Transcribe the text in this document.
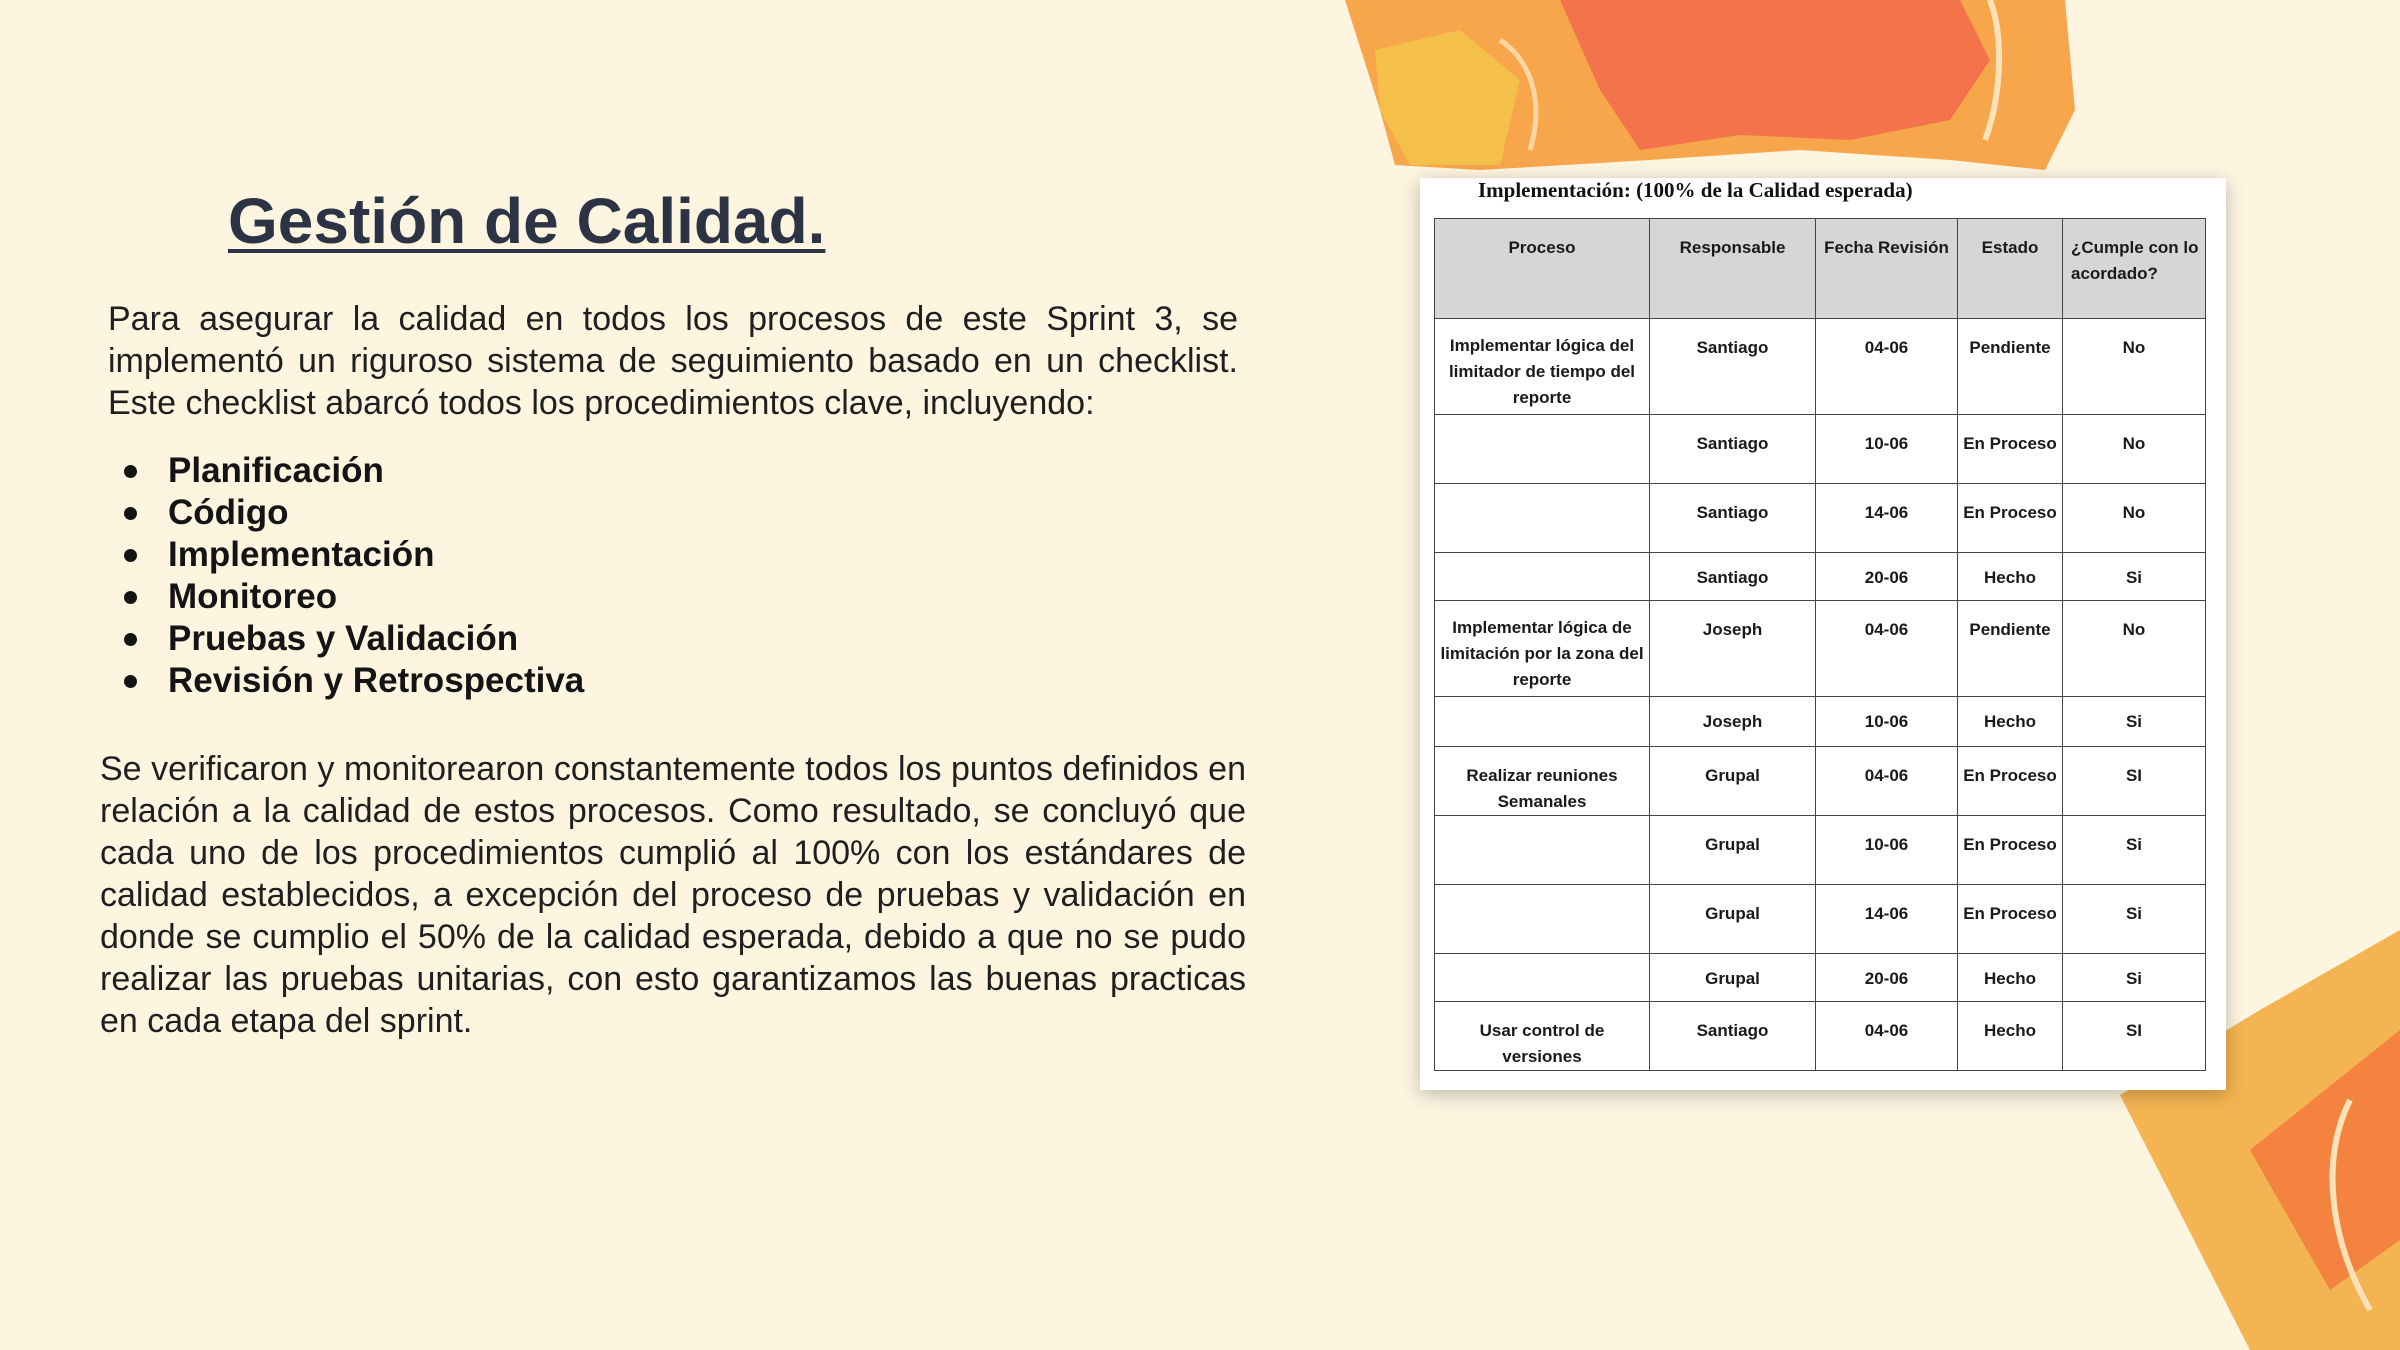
Gestión de Calidad.

Para asegurar la calidad en todos los procesos de este Sprint 3, se implementó un riguroso sistema de seguimiento basado en un checklist. Este checklist abarcó todos los procedimientos clave, incluyendo:

Planificación
Código
Implementación
Monitoreo
Pruebas y Validación
Revisión y Retrospectiva

Se verificaron y monitorearon constantemente todos los puntos definidos en relación a la calidad de estos procesos. Como resultado, se concluyó que cada uno de los procedimientos cumplió al 100% con los estándares de calidad establecidos, a excepción del proceso de pruebas y validación en donde se cumplio el 50% de la calidad esperada, debido a que no se pudo realizar las pruebas unitarias, con esto garantizamos las buenas practicas en cada etapa del sprint.

Implementación: (100% de la Calidad esperada)

Proceso	Responsable	Fecha Revisión	Estado	¿Cumple con lo acordado?
Implementar lógica del limitador de tiempo del reporte	Santiago	04-06	Pendiente	No
	Santiago	10-06	En Proceso	No
	Santiago	14-06	En Proceso	No
	Santiago	20-06	Hecho	Si
Implementar lógica de limitación por la zona del reporte	Joseph	04-06	Pendiente	No
	Joseph	10-06	Hecho	Si
Realizar reuniones Semanales	Grupal	04-06	En Proceso	SI
	Grupal	10-06	En Proceso	Si
	Grupal	14-06	En Proceso	Si
	Grupal	20-06	Hecho	Si
Usar control de versiones	Santiago	04-06	Hecho	SI
